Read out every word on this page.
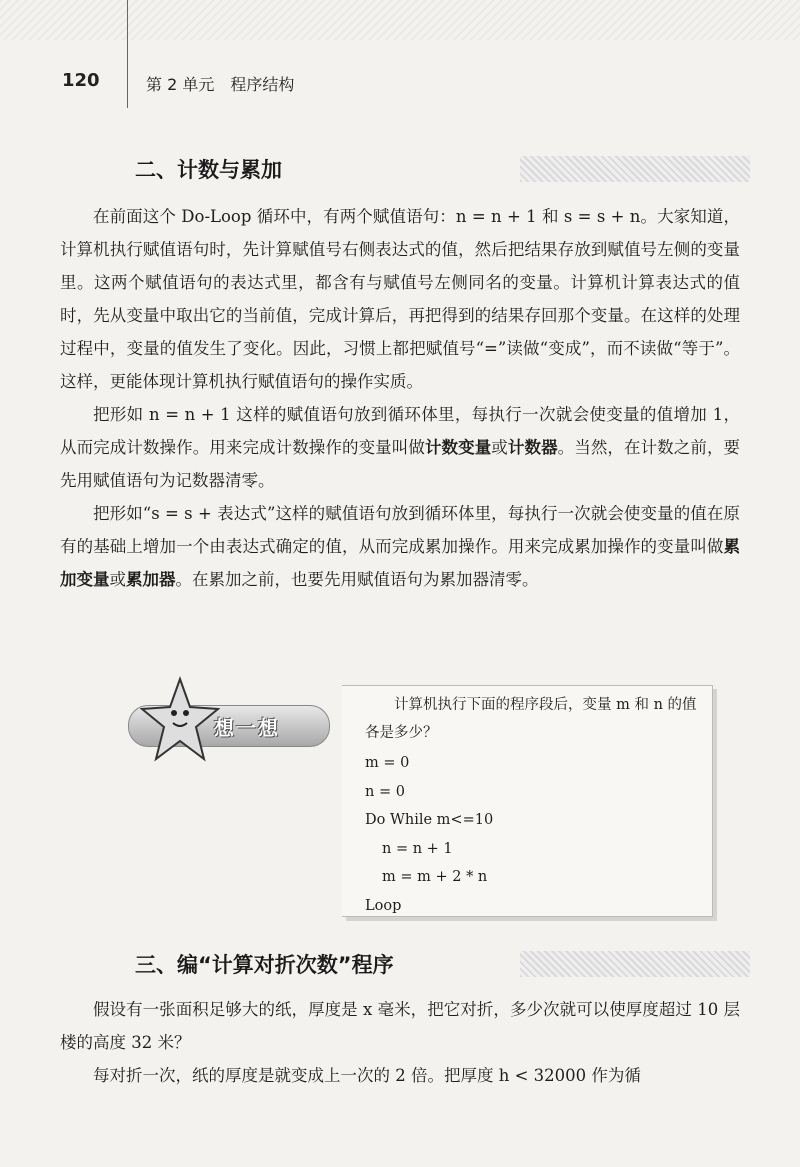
120	第 2 单元　程序结构
二、计数与累加

在前面这个 Do-Loop 循环中，有两个赋值语句：n = n + 1 和 s = s + n。大家知道，计算机执行赋值语句时，先计算赋值号右侧表达式的值，然后把结果存放到赋值号左侧的变量里。这两个赋值语句的表达式里，都含有与赋值号左侧同名的变量。计算机计算表达式的值时，先从变量中取出它的当前值，完成计算后，再把得到的结果存回那个变量。在这样的处理过程中，变量的值发生了变化。因此，习惯上都把赋值号“=”读做“变成”，而不读做“等于”。这样，更能体现计算机执行赋值语句的操作实质。

把形如 n = n + 1 这样的赋值语句放到循环体里，每执行一次就会使变量的值增加 1，从而完成计数操作。用来完成计数操作的变量叫做计数变量或计数器。当然，在计数之前，要先用赋值语句为记数器清零。

把形如“s = s + 表达式”这样的赋值语句放到循环体里，每执行一次就会使变量的值在原有的基础上增加一个由表达式确定的值，从而完成累加操作。用来完成累加操作的变量叫做累加变量或累加器。在累加之前，也要先用赋值语句为累加器清零。

想一想

计算机执行下面的程序段后，变量 m 和 n 的值各是多少？

m = 0
n = 0
Do While m<=10
n = n + 1
m = m + 2 * n
Loop
三、编“计算对折次数”程序

假设有一张面积足够大的纸，厚度是 x 毫米，把它对折，多少次就可以使厚度超过 10 层楼的高度 32 米？

每对折一次，纸的厚度是就变成上一次的 2 倍。把厚度 h < 32000 作为循
